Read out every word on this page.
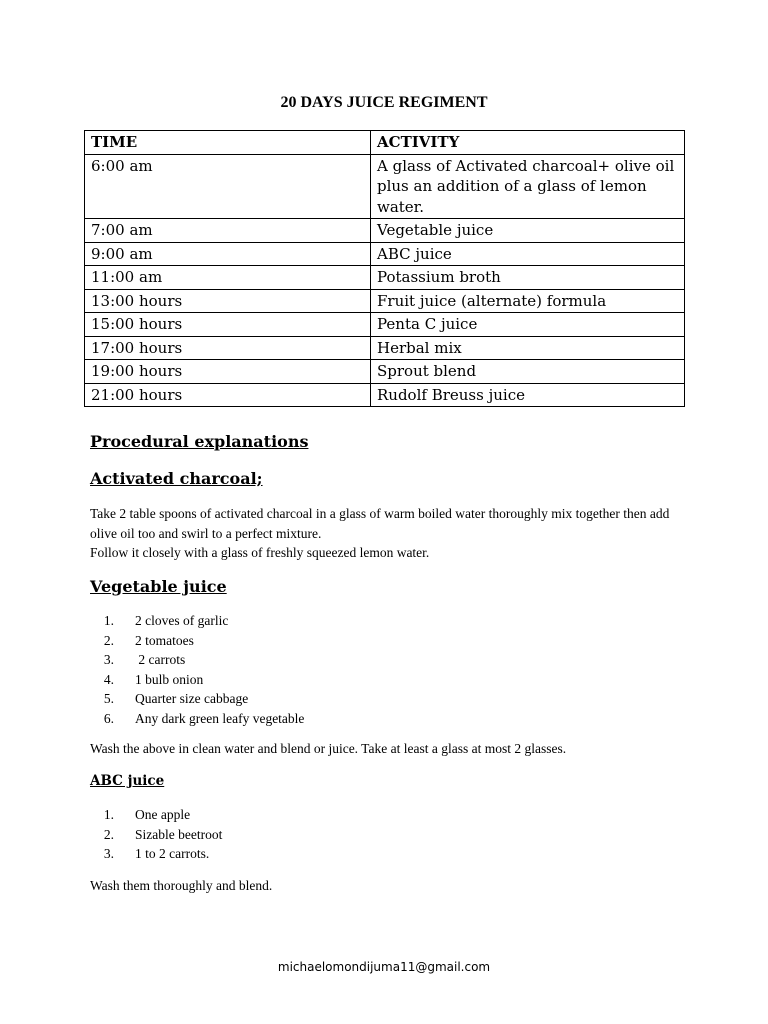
20 DAYS JUICE REGIMENT
TIME	ACTIVITY
6:00 am	A glass of Activated charcoal+ olive oil plus an addition of a glass of lemon water.
7:00 am	Vegetable juice
9:00 am	ABC juice
11:00 am	Potassium broth
13:00 hours	Fruit juice (alternate) formula
15:00 hours	Penta C juice
17:00 hours	Herbal mix
19:00 hours	Sprout blend
21:00 hours	Rudolf Breuss juice
Procedural explanations
Activated charcoal;

Take 2 table spoons of activated charcoal in a glass of warm boiled water thoroughly mix together then add olive oil too and swirl to a perfect mixture.

Follow it closely with a glass of freshly squeezed lemon water.

Vegetable juice
1. 2 cloves of garlic
2. 2 tomatoes
3. 2 carrots
4. 1 bulb onion
5. Quarter size cabbage
6. Any dark green leafy vegetable

Wash the above in clean water and blend or juice. Take at least a glass at most 2 glasses.

ABC juice
1. One apple
2. Sizable beetroot
3. 1 to 2 carrots.

Wash them thoroughly and blend.

michaelomondijuma11@gmail.com
